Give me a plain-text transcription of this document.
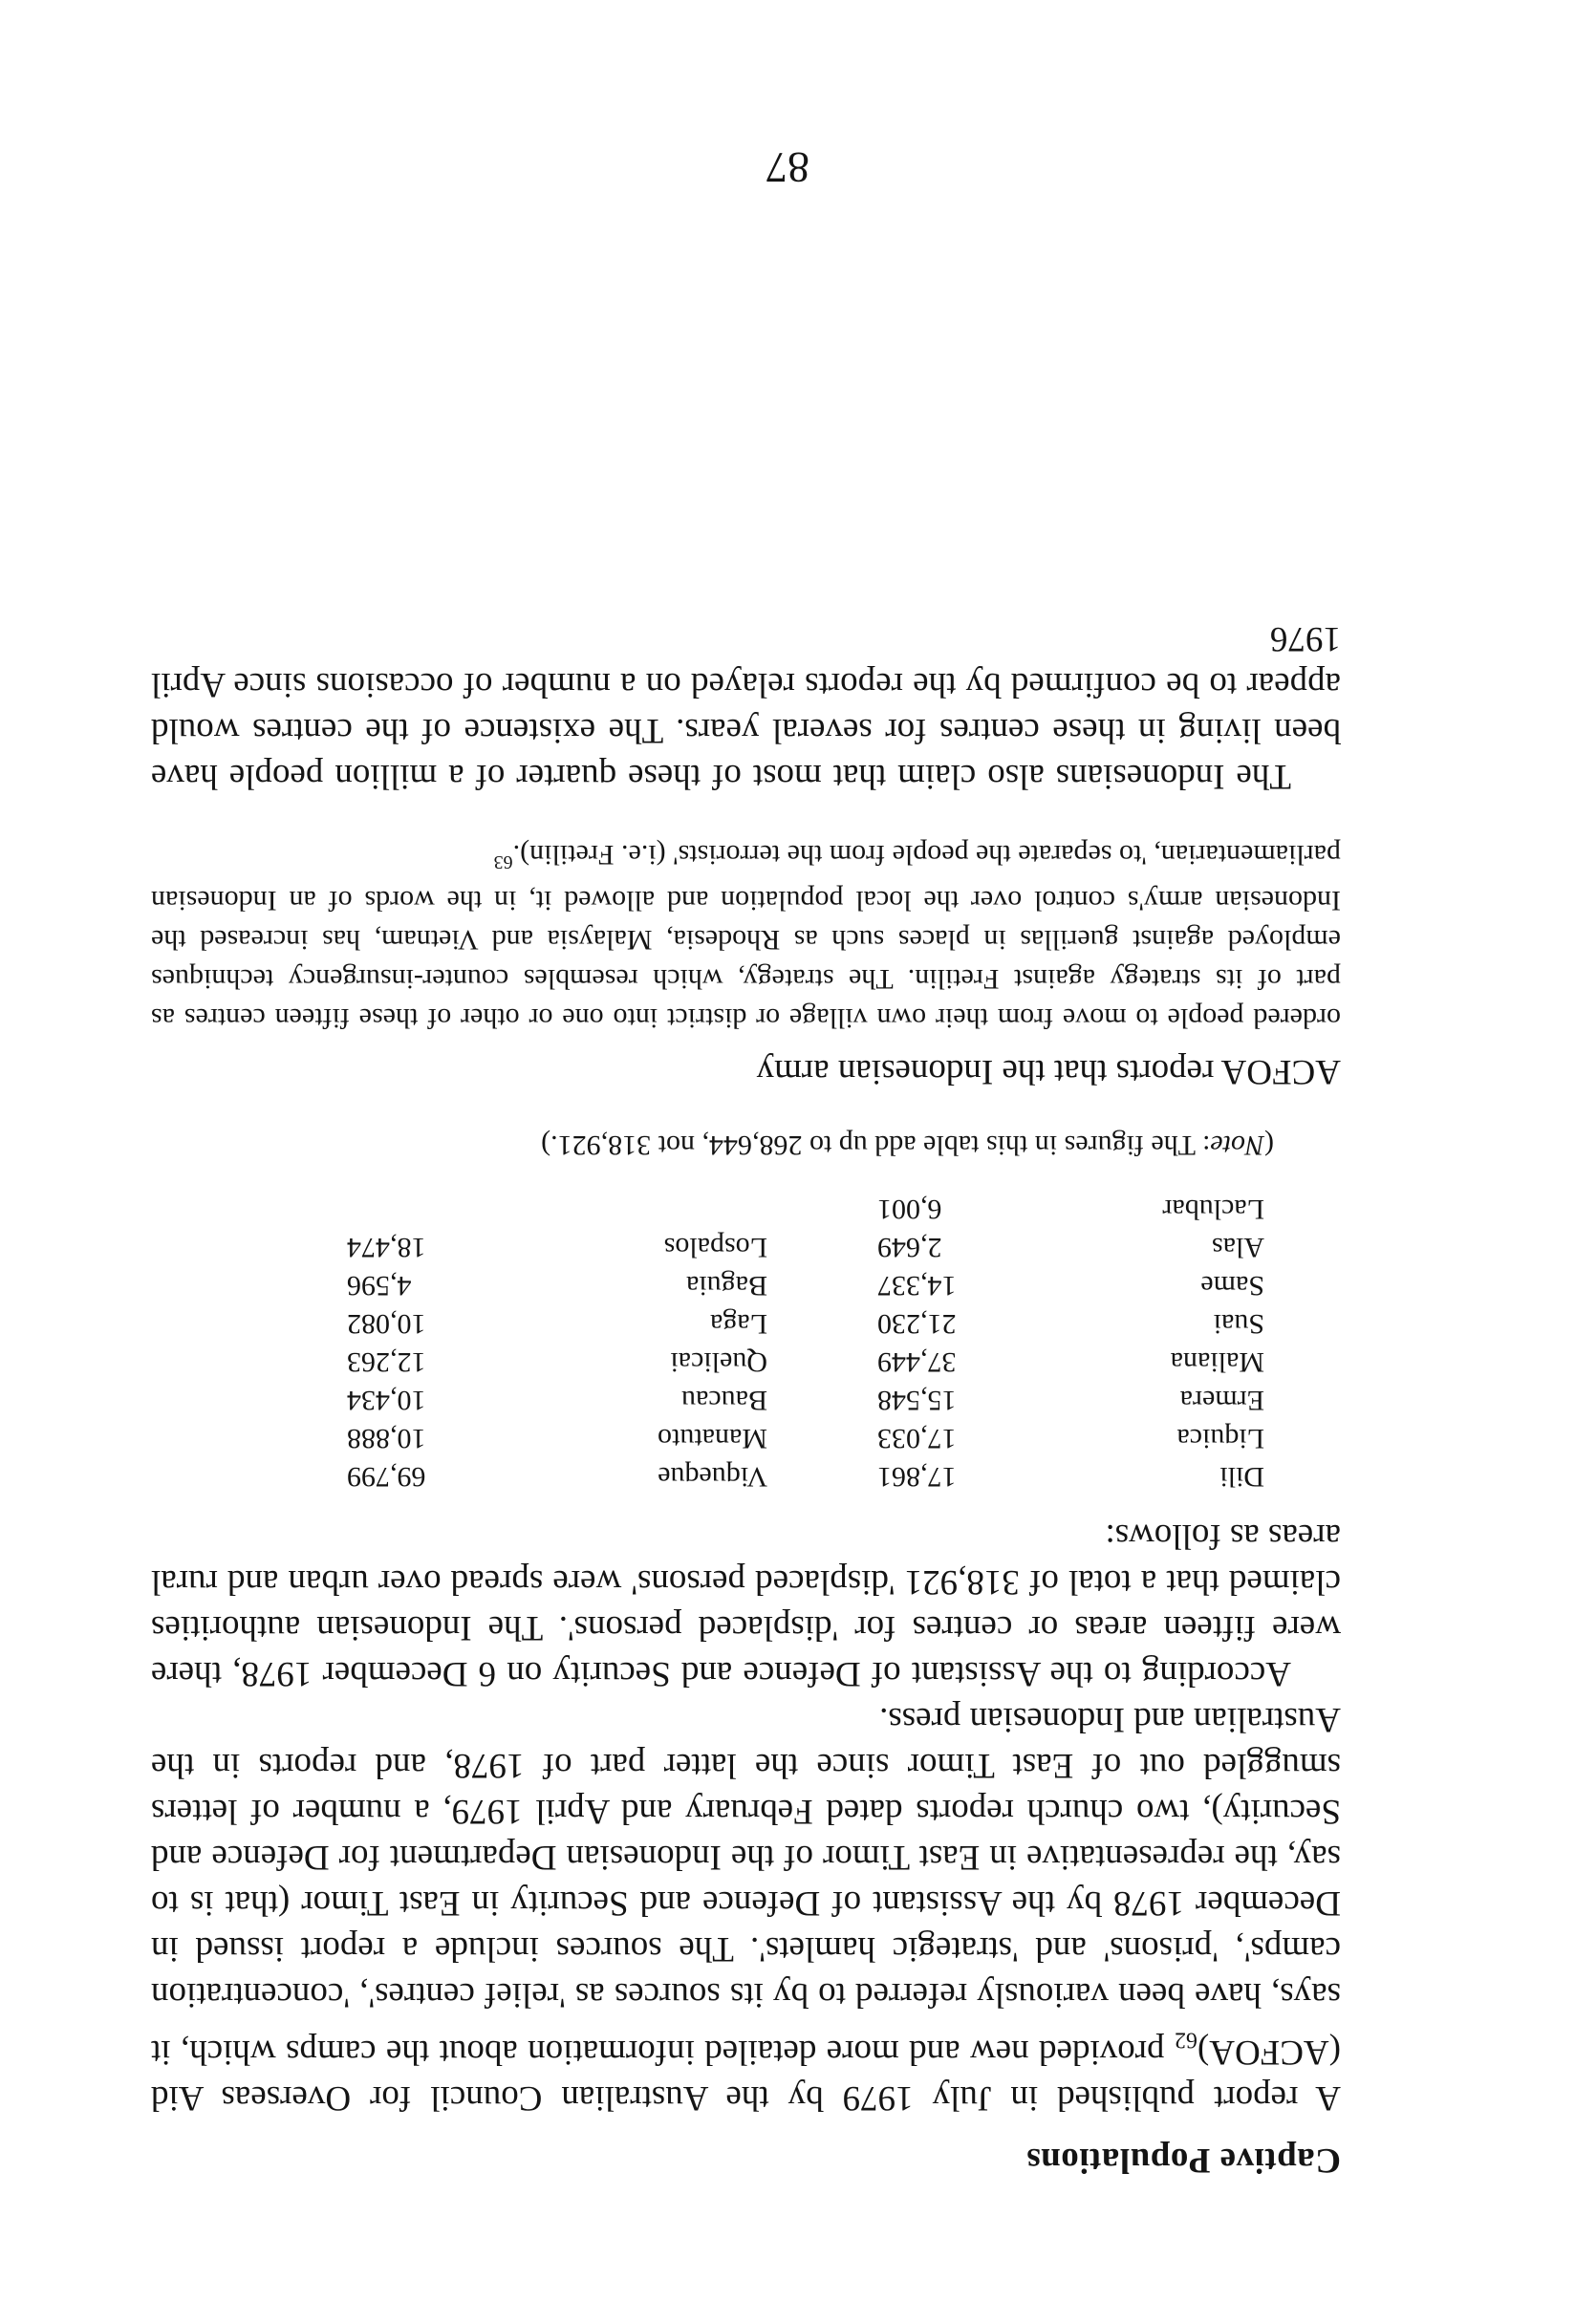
Captive Populations

A report published in July 1979 by the Australian Council for Overseas Aid $(ACFOA)_{62}$ provided new and more detailed information about the camps which, it says, have been variously referred to by its sources as 'relief centres', 'concentration camps', 'prisons' and 'strategic hamlets'. The sources include a report issued in December 1978 by the Assistant of Defence and Security in East Timor (that is to say, the representative in East Timor of the Indonesian Department for Defence and Security), two church reports dated February and April 1979, a number of letters smuggled out of East Timor since the latter part of 1978, and reports in the Australian and Indonesian press.

According to the Assistant of Defence and Security on 6 December 1978, there were fifteen areas or centres for 'displaced persons'. The Indonesian authorities claimed that a total of 318,921 'displaced persons' were spread over urban and rural areas as follows:

Dili
17,861
Viqueque
69,799
Liquica
17,033
Manatuto
10,888
Ermera
15,548
Baucau
10,434
Maliana
37,449
Quelicai
12,263
Suai
21,230
Laga
10,082
Same
14,337
Baguia
4,596
Alas
2,649
Lospalos
18,474
Laclubar
6,001

(Note: The figures in this table add up to 268,644, not 318,921.)

ACFOA reports that the Indonesian army

ordered people to move from their own village or district into one or other of these fifteen centres as part of its strategy against Fretilin. The strategy, which resembles counter-insurgency techniques employed against guerillas in places such as Rhodesia, Malaysia and Vietnam, has increased the Indonesian army's control over the local population and allowed it, in the words of an Indonesian parliamentarian, 'to separate the people from the terrorists' (i.e. Fretilin).$^{63}$

The Indonesians also claim that most of these quarter of a million people have been living in these centres for several years. The existence of the centres would appear to be confirmed by the reports relayed on a number of occasions since April 1976

87
